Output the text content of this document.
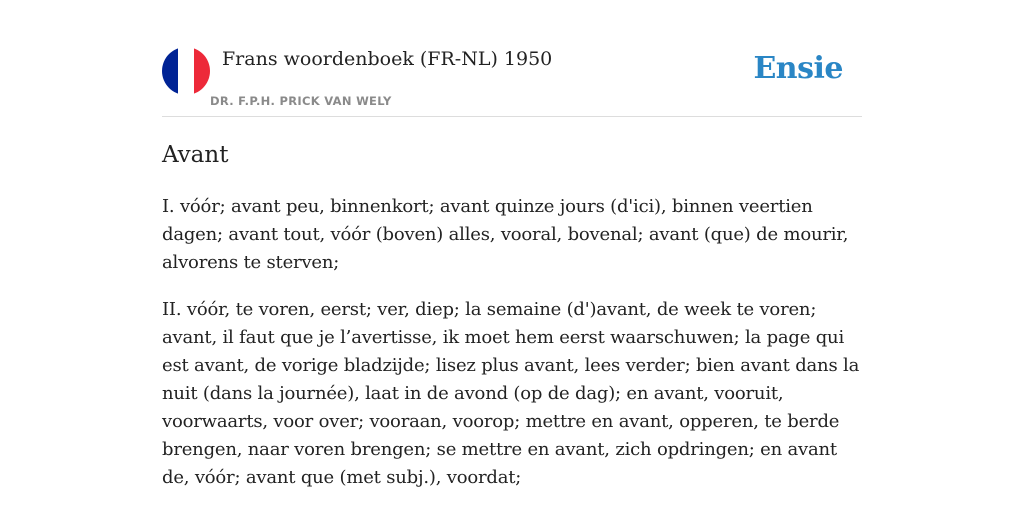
Frans woordenboek (FR-NL) 1950
DR. F.P.H. PRICK VAN WELY
Ensie
Avant

I. vóór; avant peu, binnenkort; avant quinze jours (d'ici), binnen veertien dagen; avant tout, vóór (boven) alles, vooral, bovenal; avant (que) de mourir, alvorens te sterven;

II. vóór, te voren, eerst; ver, diep; la semaine (d')avant, de week te voren; avant, il faut que je l’avertisse, ik moet hem eerst waarschuwen; la page qui est avant, de vorige bladzijde; lisez plus avant, lees verder; bien avant dans la nuit (dans la journée), laat in de avond (op de dag); en avant, vooruit, voorwaarts, voor over; vooraan, voorop; mettre en avant, opperen, te berde brengen, naar voren brengen; se mettre en avant, zich opdringen; en avant de, vóór; avant que (met subj.), voordat;
